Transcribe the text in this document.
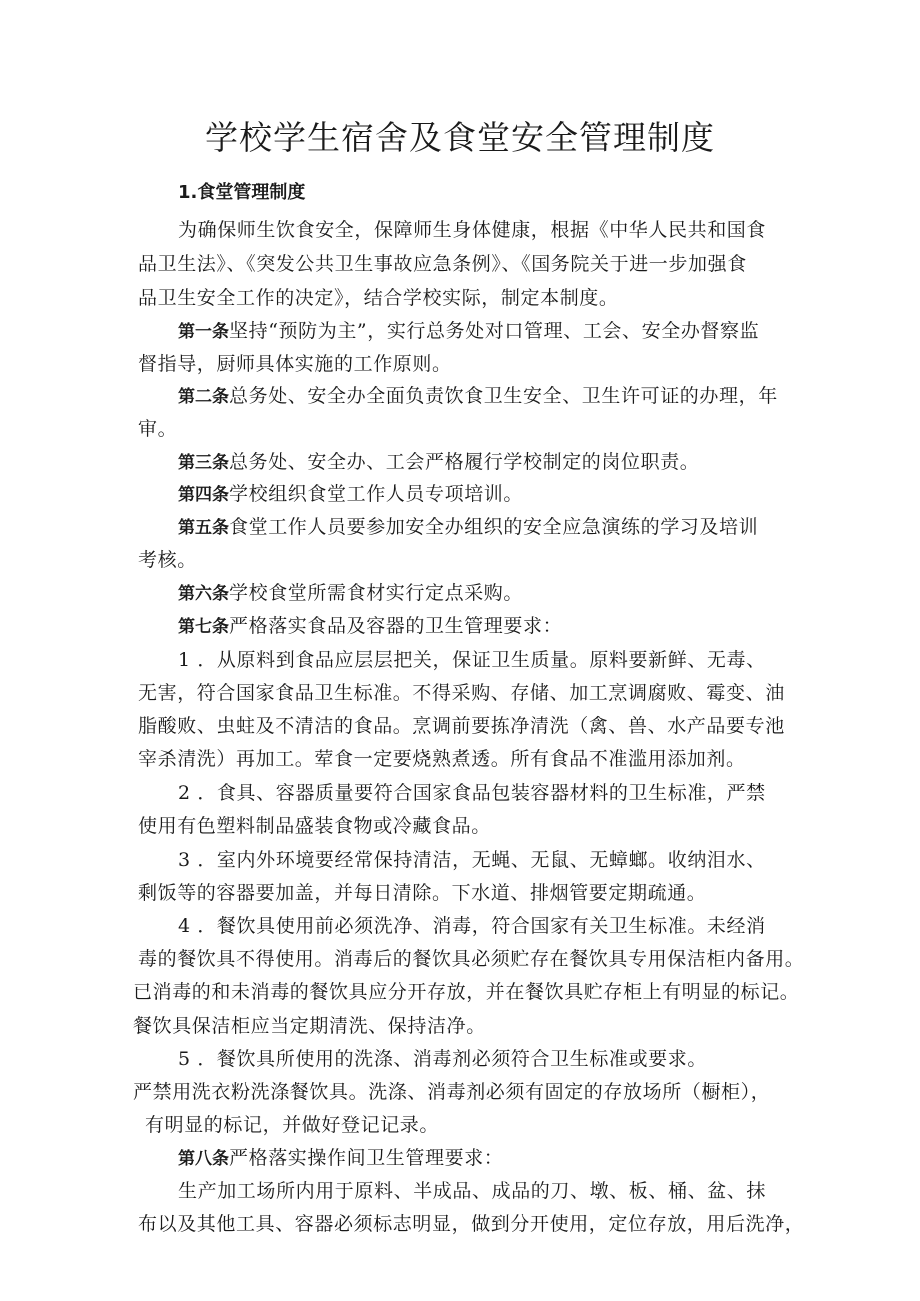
学校学生宿舍及食堂安全管理制度

1.食堂管理制度

为确保师生饮食安全，保障师生身体健康，根据《中华人民共和国食

品卫生法》、《突发公共卫生事故应急条例》、《国务院关于进一步加强食

品卫生安全工作的决定》，结合学校实际，制定本制度。

第一条坚持“预防为主”，实行总务处对口管理、工会、安全办督察监

督指导，厨师具体实施的工作原则。

第二条总务处、安全办全面负责饮食卫生安全、卫生许可证的办理，年

审。

第三条总务处、安全办、工会严格履行学校制定的岗位职责。

第四条学校组织食堂工作人员专项培训。

第五条食堂工作人员要参加安全办组织的安全应急演练的学习及培训

考核。

第六条学校食堂所需食材实行定点采购。

第七条严格落实食品及容器的卫生管理要求：

1 ．从原料到食品应层层把关，保证卫生质量。原料要新鲜、无毒、

无害，符合国家食品卫生标准。不得采购、存储、加工烹调腐败、霉变、油

脂酸败、虫蛀及不清洁的食品。烹调前要拣净清洗（禽、兽、水产品要专池

宰杀清洗）再加工。荤食一定要烧熟煮透。所有食品不准滥用添加剂。

2 ．食具、容器质量要符合国家食品包装容器材料的卫生标准，严禁

使用有色塑料制品盛装食物或冷藏食品。

3 ．室内外环境要经常保持清洁，无蝇、无鼠、无蟑螂。收纳泪水、

剩饭等的容器要加盖，并每日清除。下水道、排烟管要定期疏通。

4 ．餐饮具使用前必须洗净、消毒，符合国家有关卫生标准。未经消

毒的餐饮具不得使用。消毒后的餐饮具必须贮存在餐饮具专用保洁柜内备用。

已消毒的和未消毒的餐饮具应分开存放，并在餐饮具贮存柜上有明显的标记。

餐饮具保洁柜应当定期清洗、保持洁净。

5 ．餐饮具所使用的洗涤、消毒剂必须符合卫生标准或要求。

严禁用洗衣粉洗涤餐饮具。洗涤、消毒剂必须有固定的存放场所（橱柜），

有明显的标记，并做好登记记录。

第八条严格落实操作间卫生管理要求：

生产加工场所内用于原料、半成品、成品的刀、墩、板、桶、盆、抹

布以及其他工具、容器必须标志明显，做到分开使用，定位存放，用后洗净，
